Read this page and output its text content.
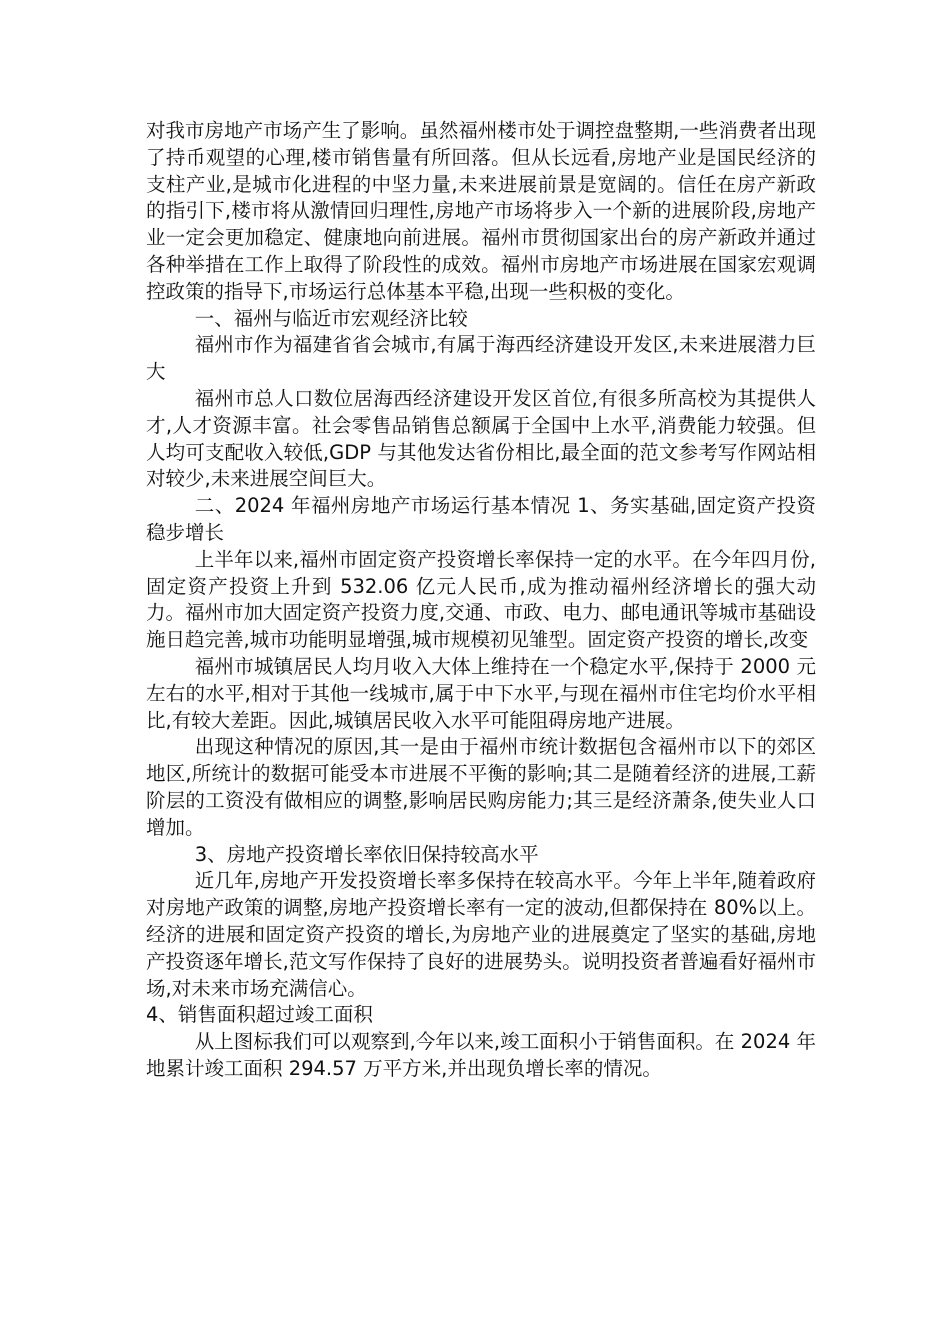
对我市房地产市场产生了影响。虽然福州楼市处于调控盘整期,一些消费者出现了持币观望的心理,楼市销售量有所回落。但从长远看,房地产业是国民经济的支柱产业,是城市化进程的中坚力量,未来进展前景是宽阔的。信任在房产新政的指引下,楼市将从激情回归理性,房地产市场将步入一个新的进展阶段,房地产业一定会更加稳定、健康地向前进展。福州市贯彻国家出台的房产新政并通过各种举措在工作上取得了阶段性的成效。福州市房地产市场进展在国家宏观调控政策的指导下,市场运行总体基本平稳,出现一些积极的变化。

一、福州与临近市宏观经济比较

福州市作为福建省省会城市,有属于海西经济建设开发区,未来进展潜力巨大

福州市总人口数位居海西经济建设开发区首位,有很多所高校为其提供人才,人才资源丰富。社会零售品销售总额属于全国中上水平,消费能力较强。但人均可支配收入较低,GDP 与其他发达省份相比,最全面的范文参考写作网站相对较少,未来进展空间巨大。

二、2024 年福州房地产市场运行基本情况 1、务实基础,固定资产投资稳步增长

上半年以来,福州市固定资产投资增长率保持一定的水平。在今年四月份,固定资产投资上升到 532.06 亿元人民币,成为推动福州经济增长的强大动力。福州市加大固定资产投资力度,交通、市政、电力、邮电通讯等城市基础设施日趋完善,城市功能明显增强,城市规模初见雏型。固定资产投资的增长,改变

福州市城镇居民人均月收入大体上维持在一个稳定水平,保持于 2000 元左右的水平,相对于其他一线城市,属于中下水平,与现在福州市住宅均价水平相比,有较大差距。因此,城镇居民收入水平可能阻碍房地产进展。

出现这种情况的原因,其一是由于福州市统计数据包含福州市以下的郊区地区,所统计的数据可能受本市进展不平衡的影响;其二是随着经济的进展,工薪阶层的工资没有做相应的调整,影响居民购房能力;其三是经济萧条,使失业人口增加。

3、房地产投资增长率依旧保持较高水平

近几年,房地产开发投资增长率多保持在较高水平。今年上半年,随着政府对房地产政策的调整,房地产投资增长率有一定的波动,但都保持在 80%以上。经济的进展和固定资产投资的增长,为房地产业的进展奠定了坚实的基础,房地产投资逐年增长,范文写作保持了良好的进展势头。说明投资者普遍看好福州市场,对未来市场充满信心。

4、销售面积超过竣工面积

从上图标我们可以观察到,今年以来,竣工面积小于销售面积。在 2024 年地累计竣工面积 294.57 万平方米,并出现负增长率的情况。
